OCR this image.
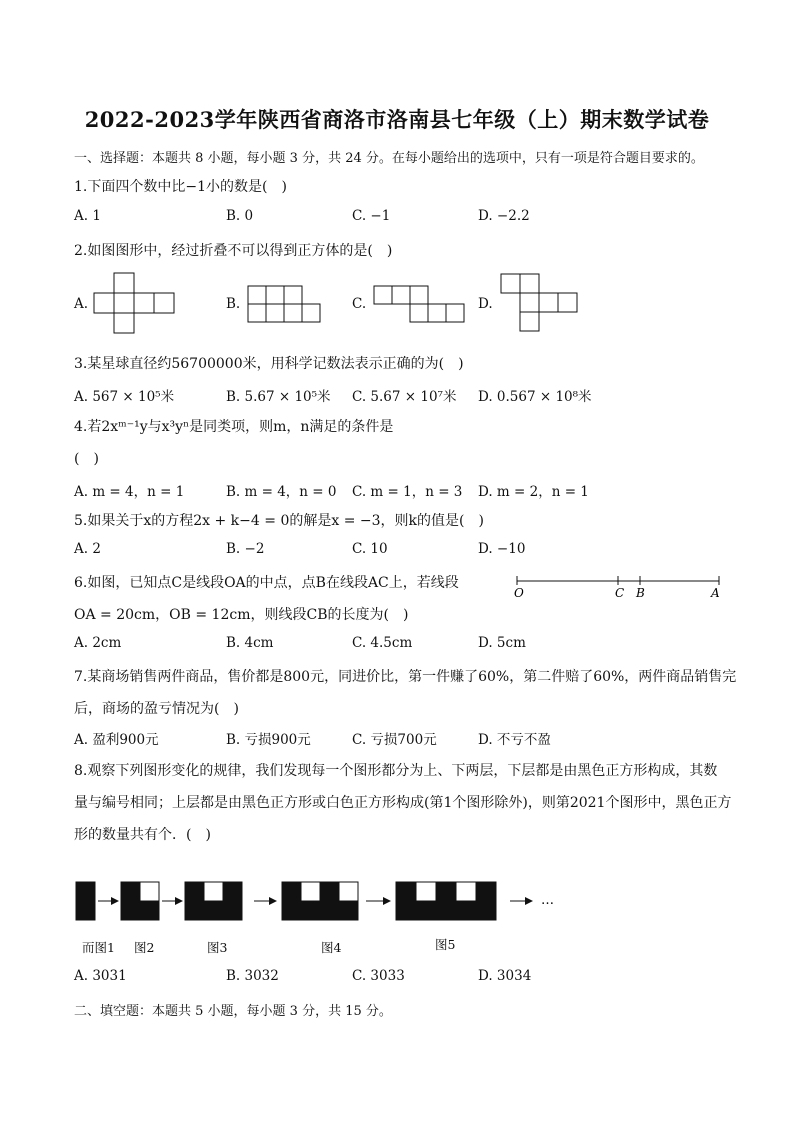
2022-2023学年陕西省商洛市洛南县七年级（上）期末数学试卷
一、选择题：本题共 8 小题，每小题 3 分，共 24 分。在每小题给出的选项中，只有一项是符合题目要求的。
1.下面四个数中比−1小的数是(　)
A. 1	B. 0	C. −1	D. −2.2
2.如图图形中，经过折叠不可以得到正方体的是(　)
A.	B.	C.	D.
3.某星球直径约56700000米，用科学记数法表示正确的为(　)
A. 567 × 10⁵米	B. 5.67 × 10⁵米 C. 5.67 × 10⁷米 D. 0.567 × 10⁸米
4.若2xᵐ⁻¹y与x³yⁿ是同类项，则m，n满足的条件是
(　)
A. m = 4，n = 1	B. m = 4，n = 0 C. m = 1，n = 3 D. m = 2，n = 1
5.如果关于x的方程2x + k−4 = 0的解是x = −3，则k的值是(　)
A. 2	B. −2	C. 10	D. −10
6.如图，已知点C是线段OA的中点，点B在线段AC上，若线段
OA = 20cm，OB = 12cm，则线段CB的长度为(　)
O	C B	A
A. 2cm	B. 4cm	C. 4.5cm	D. 5cm
7.某商场销售两件商品，售价都是800元，同进价比，第一件赚了60%，第二件赔了60%，两件商品销售完
后，商场的盈亏情况为(　)
A. 盈利900元	B. 亏损900元	C. 亏损700元	D. 不亏不盈
8.观察下列图形变化的规律，我们发现每一个图形都分为上、下两层，下层都是由黑色正方形构成，其数
量与编号相同；上层都是由黑色正方形或白色正方形构成(第1个图形除外)，则第2021个图形中，黑色正方
形的数量共有个．(　)
…
而图1 图2	图3	图4	图5
A. 3031	B. 3032	C. 3033	D. 3034
二、填空题：本题共 5 小题，每小题 3 分，共 15 分。
